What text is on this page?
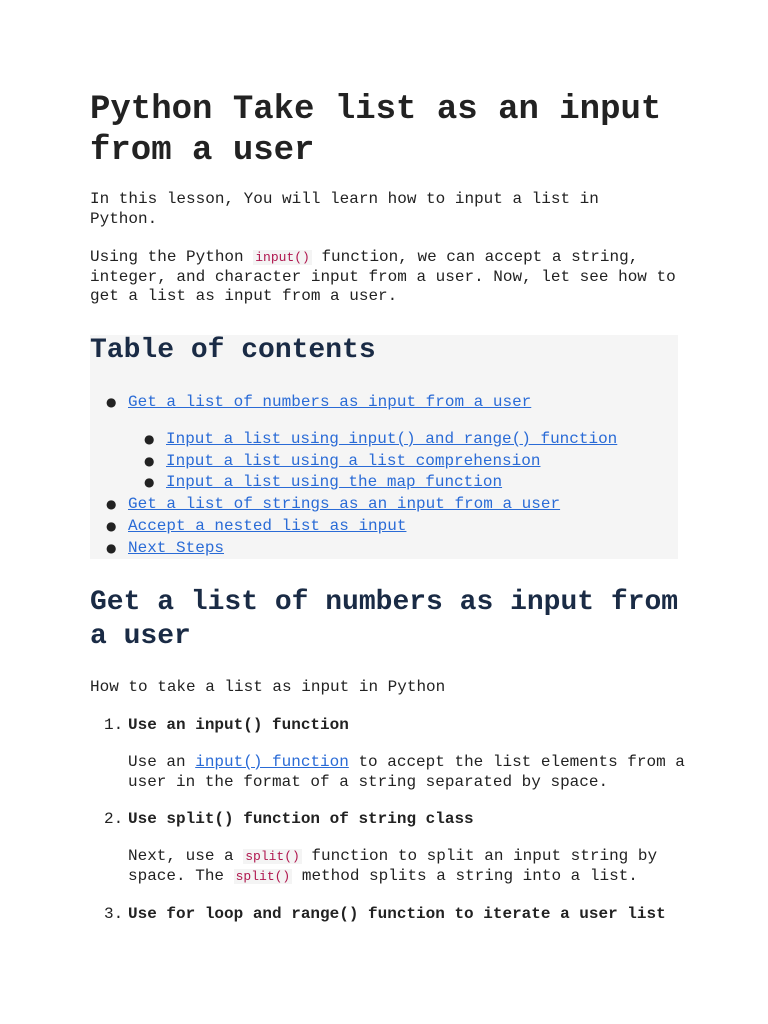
Python Take list as an input from a user

In this lesson, You will learn how to input a list in Python.

Using the Python input() function, we can accept a string, integer, and character input from a user. Now, let see how to get a list as input from a user.

Table of contents
● Get a list of numbers as input from a user
● Input a list using input() and range() function
● Input a list using a list comprehension
● Input a list using the map function
● Get a list of strings as an input from a user
● Accept a nested list as input
● Next Steps
Get a list of numbers as input from a user

How to take a list as input in Python

1. Use an input() function

Use an input() function to accept the list elements from a user in the format of a string separated by space.

2. Use split() function of string class

Next, use a split() function to split an input string by space. The split() method splits a string into a list.

3. Use for loop and range() function to iterate a user list
